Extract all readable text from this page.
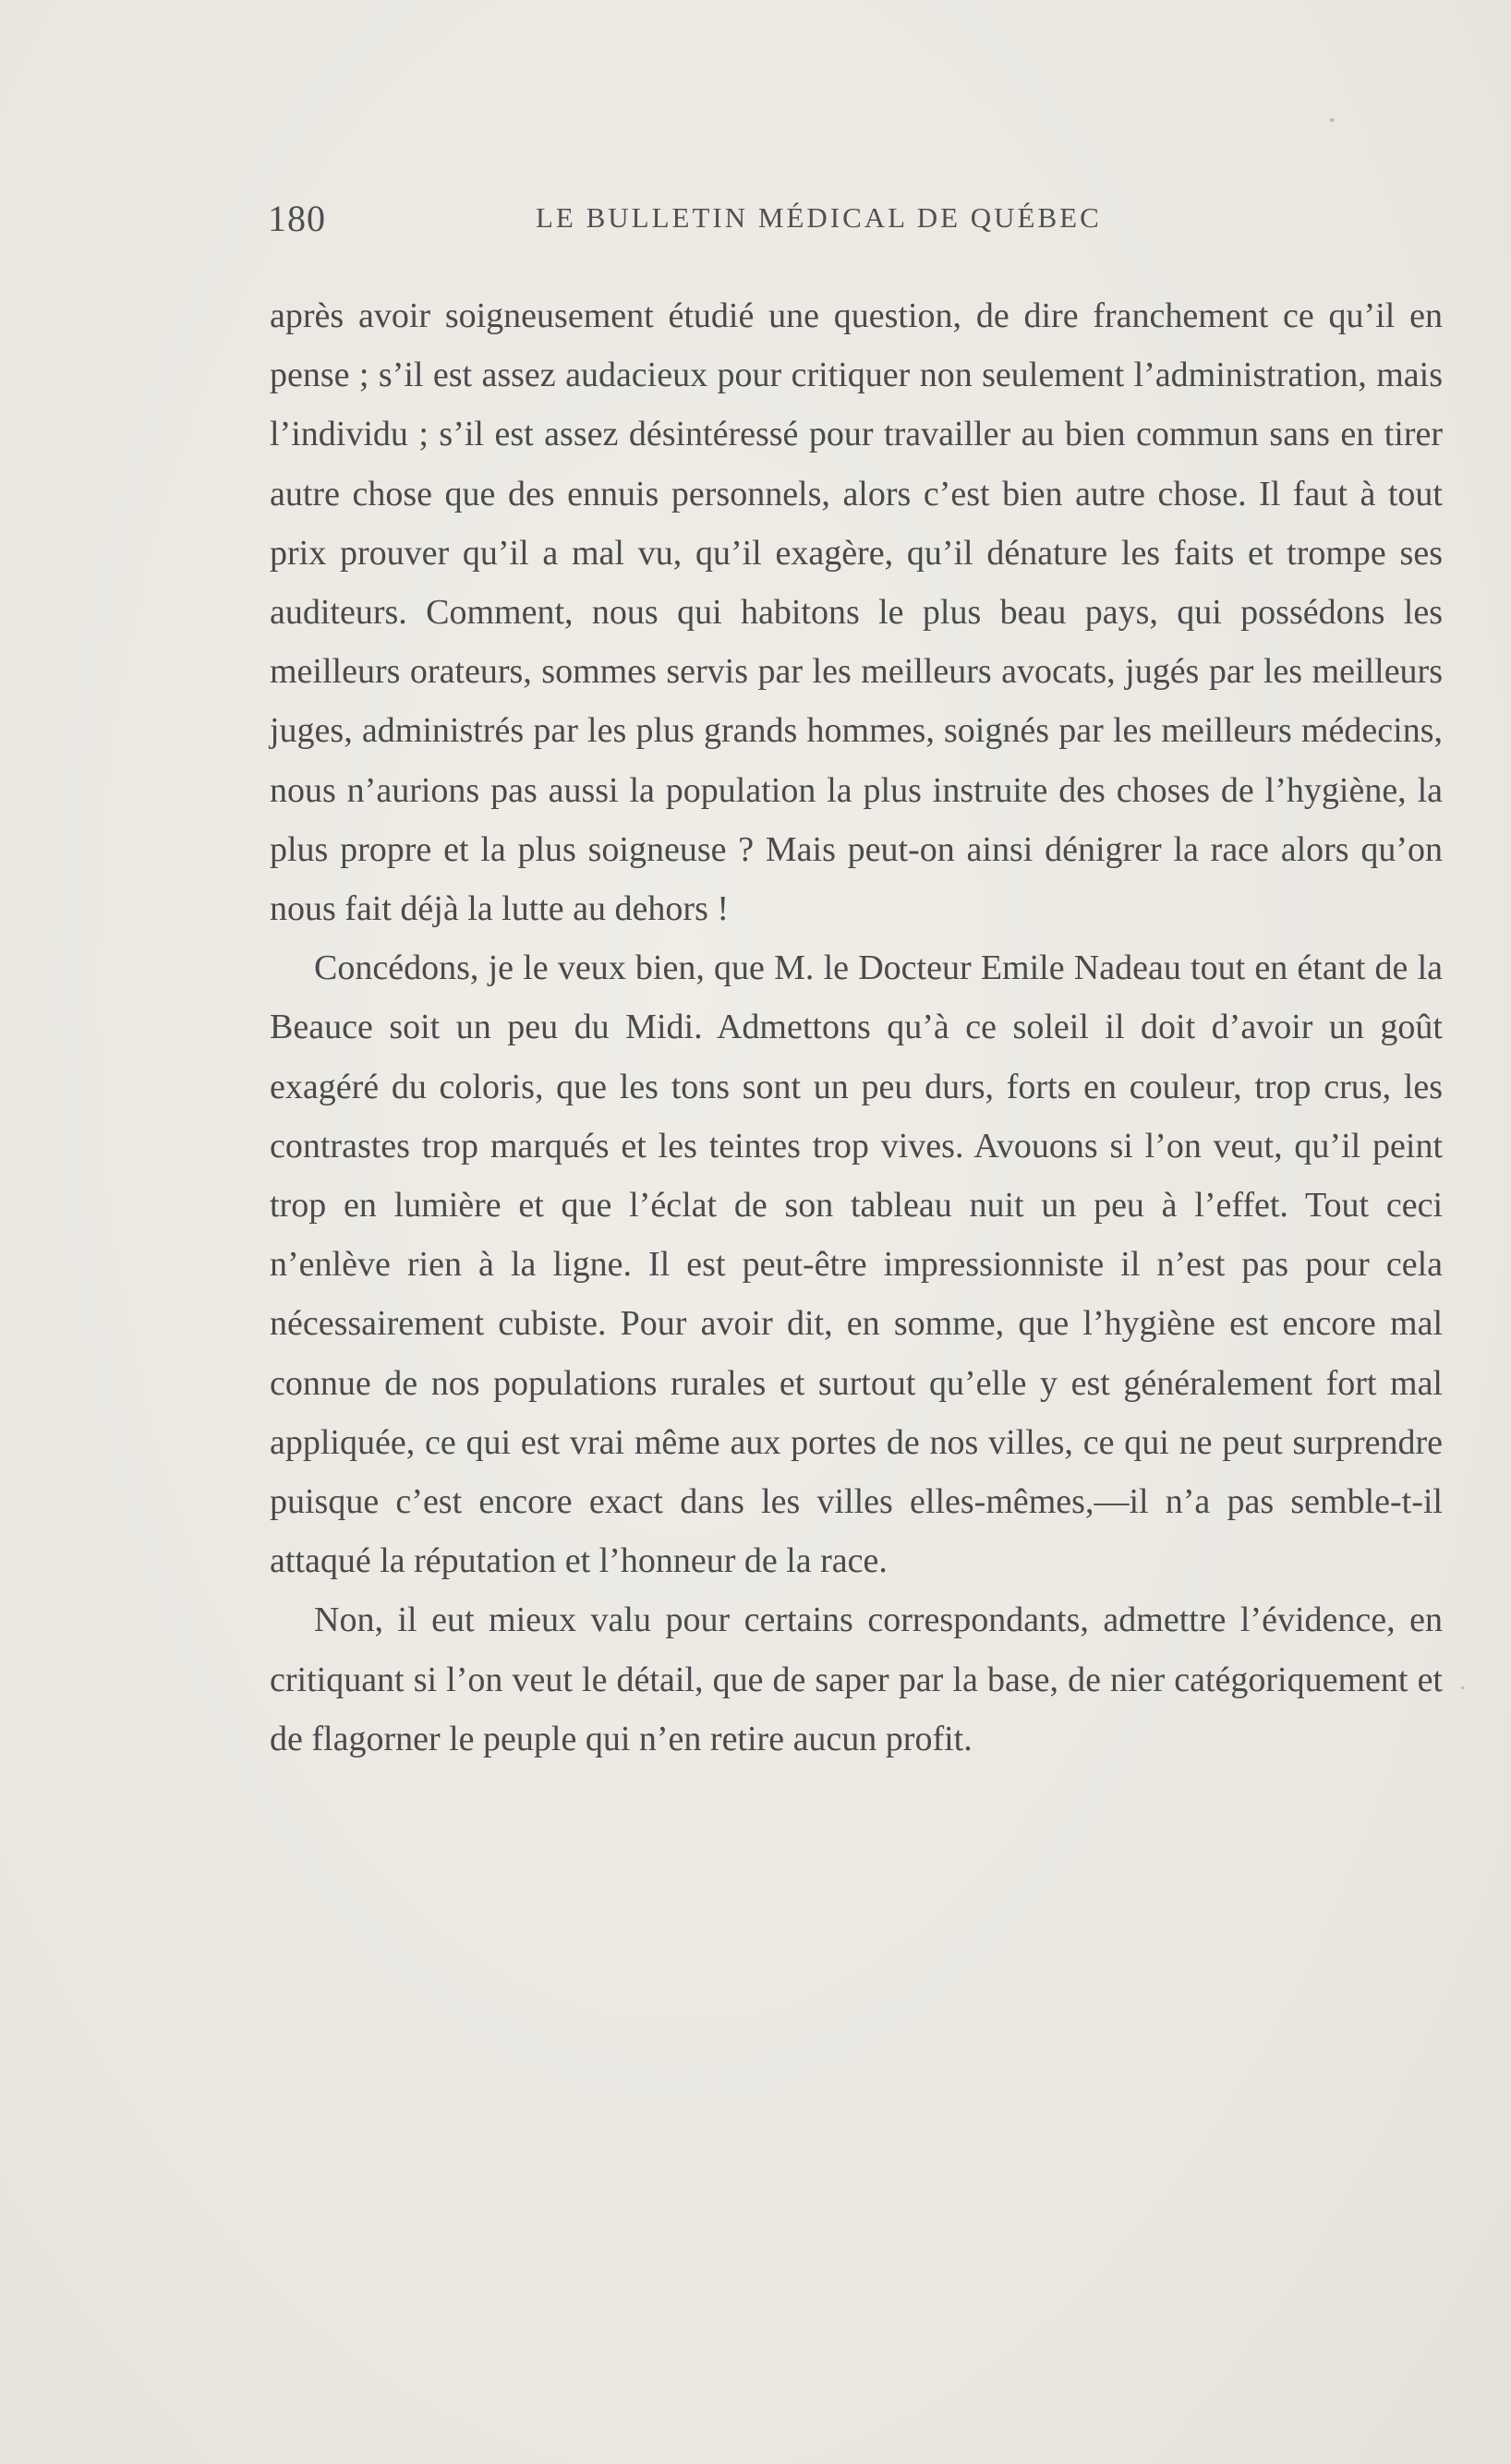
180	LE BULLETIN MÉDICAL DE QUÉBEC

après avoir soigneusement étudié une question, de dire franchement ce qu’il en pense ; s’il est assez audacieux pour critiquer non seulement l’administration, mais l’individu ; s’il est assez désintéressé pour travailler au bien commun sans en tirer autre chose que des ennuis personnels, alors c’est bien autre chose. Il faut à tout prix prouver qu’il a mal vu, qu’il exagère, qu’il dénature les faits et trompe ses auditeurs. Comment, nous qui habitons le plus beau pays, qui possédons les meilleurs orateurs, sommes servis par les meilleurs avocats, jugés par les meilleurs juges, administrés par les plus grands hommes, soignés par les meilleurs médecins, nous n’aurions pas aussi la population la plus instruite des choses de l’hygiène, la plus propre et la plus soigneuse ? Mais peut-on ainsi dénigrer la race alors qu’on nous fait déjà la lutte au dehors !

Concédons, je le veux bien, que M. le Docteur Emile Nadeau tout en étant de la Beauce soit un peu du Midi. Admettons qu’à ce soleil il doit d’avoir un goût exagéré du coloris, que les tons sont un peu durs, forts en couleur, trop crus, les contrastes trop marqués et les teintes trop vives. Avouons si l’on veut, qu’il peint trop en lumière et que l’éclat de son tableau nuit un peu à l’effet. Tout ceci n’enlève rien à la ligne. Il est peut-être impressionniste il n’est pas pour cela nécessairement cubiste. Pour avoir dit, en somme, que l’hygiène est encore mal connue de nos populations rurales et surtout qu’elle y est généralement fort mal appliquée, ce qui est vrai même aux portes de nos villes, ce qui ne peut surprendre puisque c’est encore exact dans les villes elles-mêmes,—il n’a pas semble-t-il attaqué la réputation et l’honneur de la race.

Non, il eut mieux valu pour certains correspondants, admettre l’évidence, en critiquant si l’on veut le détail, que de saper par la base, de nier catégoriquement et de flagorner le peuple qui n’en retire aucun profit.
